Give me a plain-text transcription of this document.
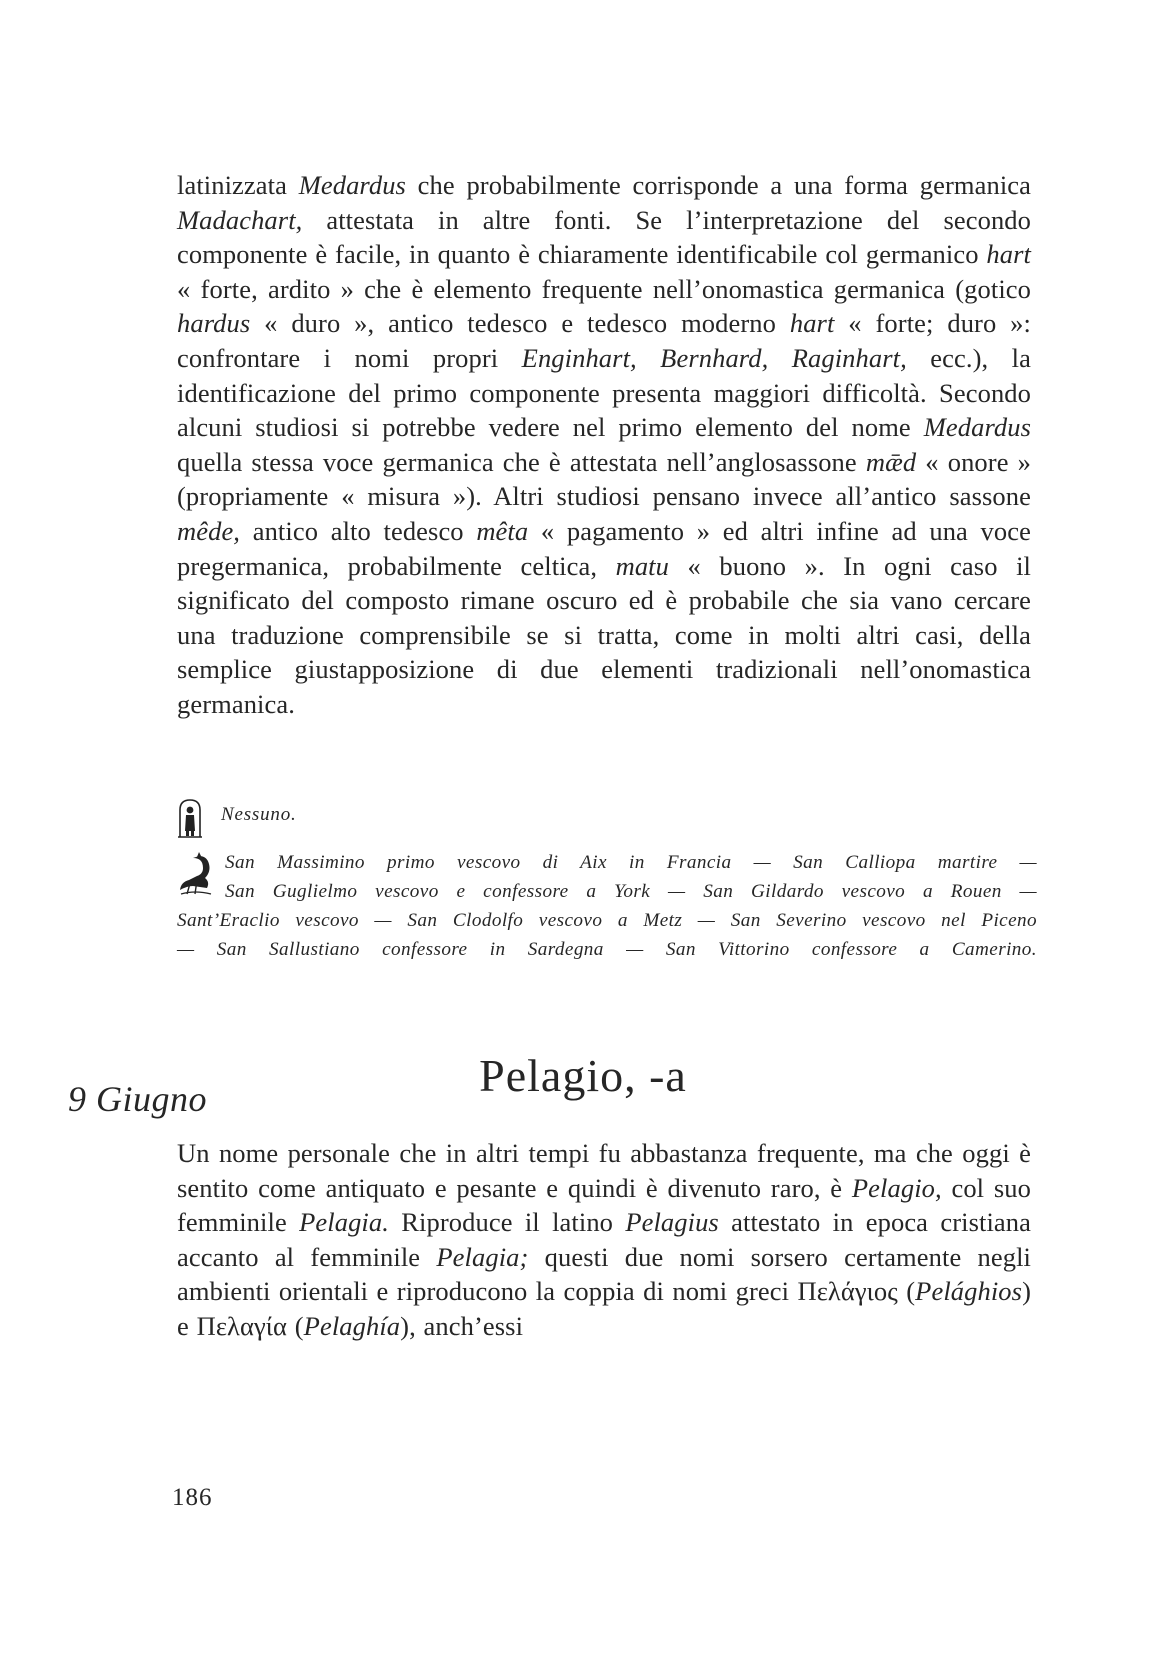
latinizzata Medardus che probabilmente corrisponde a una forma germanica Madachart, attestata in altre fonti. Se l’interpretazione del secondo componente è facile, in quanto è chiaramente identificabile col germanico hart « forte, ardito » che è elemento frequente nell’onomastica germanica (gotico hardus « duro », antico tedesco e tedesco moderno hart « forte; duro »: confrontare i nomi propri Enginhart, Bernhard, Raginhart, ecc.), la identificazione del primo componente presenta maggiori difficoltà. Secondo alcuni studiosi si potrebbe vedere nel primo elemento del nome Medardus quella stessa voce germanica che è attestata nell’anglosassone mǣd « onore » (propriamente « misura »). Altri studiosi pensano invece all’antico sassone mêde, antico alto tedesco mêta « pagamento » ed altri infine ad una voce pregermanica, probabilmente celtica, matu « buono ». In ogni caso il significato del composto rimane oscuro ed è probabile che sia vano cercare una traduzione comprensibile se si tratta, come in molti altri casi, della semplice giustapposizione di due elementi tradizionali nell’onomastica germanica.

Nessuno.
San Massimino primo vescovo di Aix in Francia — San Calliopa martire —
San Guglielmo vescovo e confessore a York — San Gildardo vescovo a Rouen —
Sant’Eraclio vescovo — San Clodolfo vescovo a Metz — San Severino vescovo nel Piceno
— San Sallustiano confessore in Sardegna — San Vittorino confessore a Camerino.
Pelagio, -a
9 Giugno

Un nome personale che in altri tempi fu abbastanza frequente, ma che oggi è sentito come antiquato e pesante e quindi è divenuto raro, è Pelagio, col suo femminile Pelagia. Riproduce il latino Pelagius attestato in epoca cristiana accanto al femminile Pelagia; questi due nomi sorsero certamente negli ambienti orientali e riproducono la coppia di nomi greci Πελάγιος (Pelághios) e Πελαγία (Pelaghía), anch’essi

186
